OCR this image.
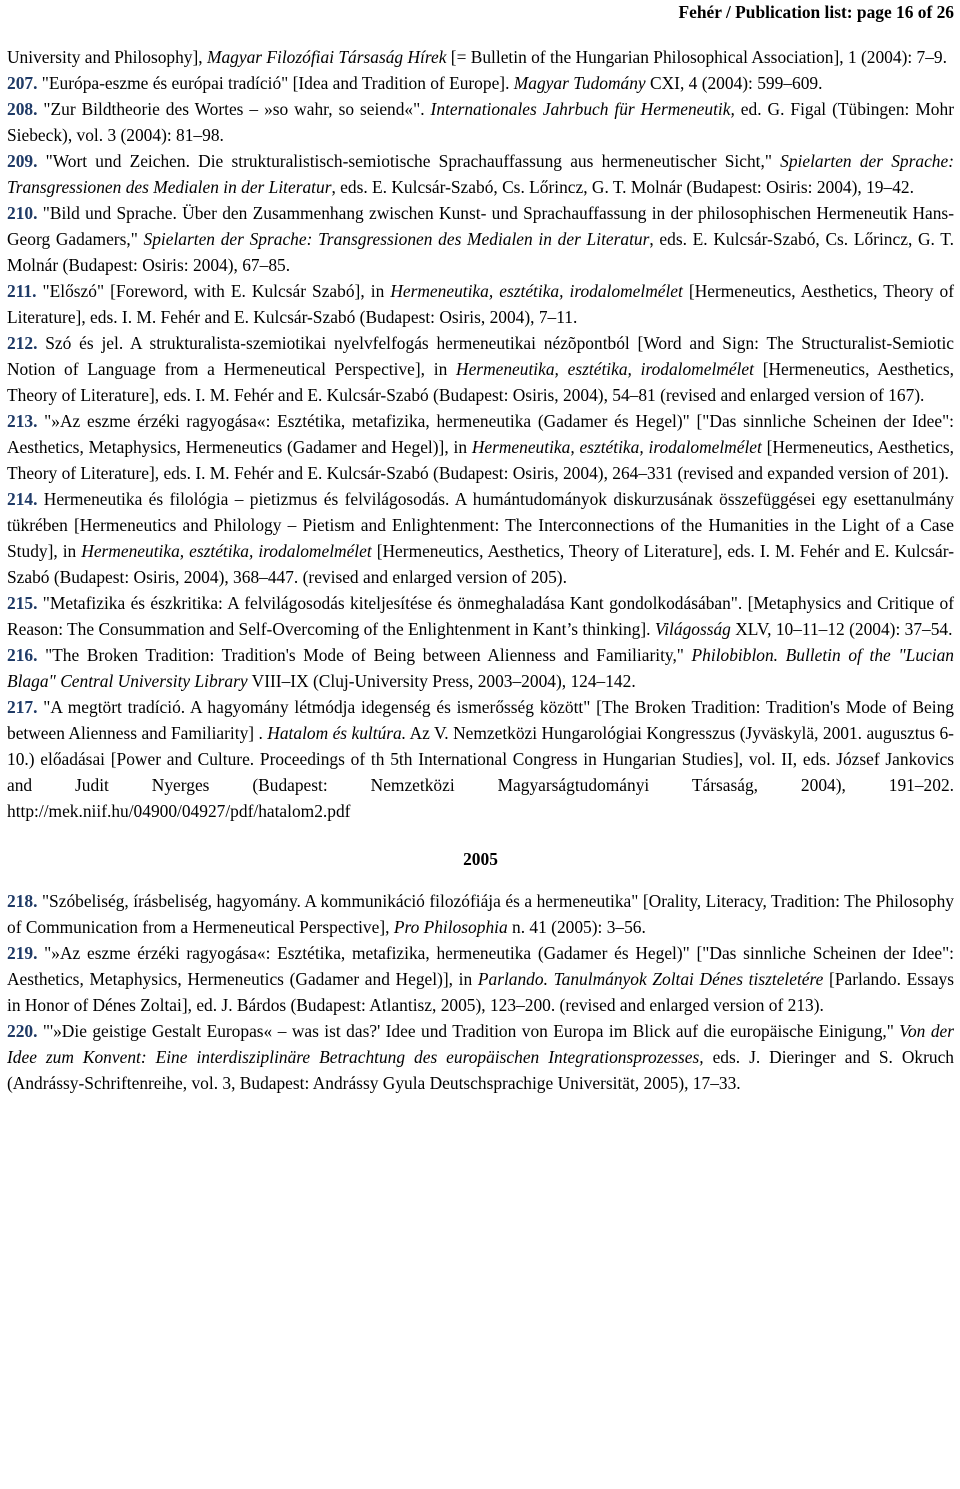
Fehér / Publication list: page 16 of 26

University and Philosophy], Magyar Filozófiai Társaság Hírek [= Bulletin of the Hungarian Philosophical Association], 1 (2004): 7–9.

207. "Európa-eszme és európai tradíció" [Idea and Tradition of Europe]. Magyar Tudomány CXI, 4 (2004): 599–609.

208. "Zur Bildtheorie des Wortes – »so wahr, so seiend«". Internationales Jahrbuch für Hermeneutik, ed. G. Figal (Tübingen: Mohr Siebeck), vol. 3 (2004): 81–98.

209. "Wort und Zeichen. Die strukturalistisch-semiotische Sprachauffassung aus hermeneutischer Sicht," Spielarten der Sprache: Transgressionen des Medialen in der Literatur, eds. E. Kulcsár-Szabó, Cs. Lőrincz, G. T. Molnár (Budapest: Osiris: 2004), 19–42.

210. "Bild und Sprache. Über den Zusammenhang zwischen Kunst- und Sprachauffassung in der philosophischen Hermeneutik Hans-Georg Gadamers," Spielarten der Sprache: Transgressionen des Medialen in der Literatur, eds. E. Kulcsár-Szabó, Cs. Lőrincz, G. T. Molnár (Budapest: Osiris: 2004), 67–85.

211. "Előszó" [Foreword, with E. Kulcsár Szabó], in Hermeneutika, esztétika, irodalomelmélet [Hermeneutics, Aesthetics, Theory of Literature], eds. I. M. Fehér and E. Kulcsár-Szabó (Budapest: Osiris, 2004), 7–11.

212. Szó és jel. A strukturalista-szemiotikai nyelvfelfogás hermeneutikai nézõpontból [Word and Sign: The Structuralist-Semiotic Notion of Language from a Hermeneutical Perspective], in Hermeneutika, esztétika, irodalomelmélet [Hermeneutics, Aesthetics, Theory of Literature], eds. I. M. Fehér and E. Kulcsár-Szabó (Budapest: Osiris, 2004), 54–81 (revised and enlarged version of 167).

213. "»Az eszme érzéki ragyogása«: Esztétika, metafizika, hermeneutika (Gadamer és Hegel)" ["Das sinnliche Scheinen der Idee": Aesthetics, Metaphysics, Hermeneutics (Gadamer and Hegel)], in Hermeneutika, esztétika, irodalomelmélet [Hermeneutics, Aesthetics, Theory of Literature], eds. I. M. Fehér and E. Kulcsár-Szabó (Budapest: Osiris, 2004), 264–331 (revised and expanded version of 201).

214. Hermeneutika és filológia – pietizmus és felvilágosodás. A humántudományok diskurzusának összefüggései egy esettanulmány tükrében [Hermeneutics and Philology – Pietism and Enlightenment: The Interconnections of the Humanities in the Light of a Case Study], in Hermeneutika, esztétika, irodalomelmélet [Hermeneutics, Aesthetics, Theory of Literature], eds. I. M. Fehér and E. Kulcsár-Szabó (Budapest: Osiris, 2004), 368–447. (revised and enlarged version of 205).

215. "Metafizika és észkritika: A felvilágosodás kiteljesítése és önmeghaladása Kant gondolkodásában". [Metaphysics and Critique of Reason: The Consummation and Self-Overcoming of the Enlightenment in Kant’s thinking]. Világosság XLV, 10–11–12 (2004): 37–54.

216. "The Broken Tradition: Tradition's Mode of Being between Alienness and Familiarity," Philobiblon. Bulletin of the "Lucian Blaga" Central University Library VIII–IX (Cluj-University Press, 2003–2004), 124–142.

217. "A megtört tradíció. A hagyomány létmódja idegenség és ismerősség között" [The Broken Tradition: Tradition's Mode of Being between Alienness and Familiarity] . Hatalom és kultúra. Az V. Nemzetközi Hungarológiai Kongresszus (Jyväskylä, 2001. augusztus 6-10.) előadásai [Power and Culture. Proceedings of th 5th International Congress in Hungarian Studies], vol. II, eds. József Jankovics and Judit Nyerges (Budapest: Nemzetközi Magyarságtudományi Társaság, 2004), 191–202. http://mek.niif.hu/04900/04927/pdf/hatalom2.pdf

2005

218. "Szóbeliség, írásbeliség, hagyomány. A kommunikáció filozófiája és a hermeneutika" [Orality, Literacy, Tradition: The Philosophy of Communication from a Hermeneutical Perspective], Pro Philosophia n. 41 (2005): 3–56.

219. "»Az eszme érzéki ragyogása«: Esztétika, metafizika, hermeneutika (Gadamer és Hegel)" ["Das sinnliche Scheinen der Idee": Aesthetics, Metaphysics, Hermeneutics (Gadamer and Hegel)], in Parlando. Tanulmányok Zoltai Dénes tiszteletére [Parlando. Essays in Honor of Dénes Zoltai], ed. J. Bárdos (Budapest: Atlantisz, 2005), 123–200. (revised and enlarged version of 213).

220. "'»Die geistige Gestalt Europas« – was ist das?' Idee und Tradition von Europa im Blick auf die europäische Einigung," Von der Idee zum Konvent: Eine interdisziplinäre Betrachtung des europäischen Integrationsprozesses, eds. J. Dieringer and S. Okruch (Andrássy-Schriftenreihe, vol. 3, Budapest: Andrássy Gyula Deutschsprachige Universität, 2005), 17–33.
